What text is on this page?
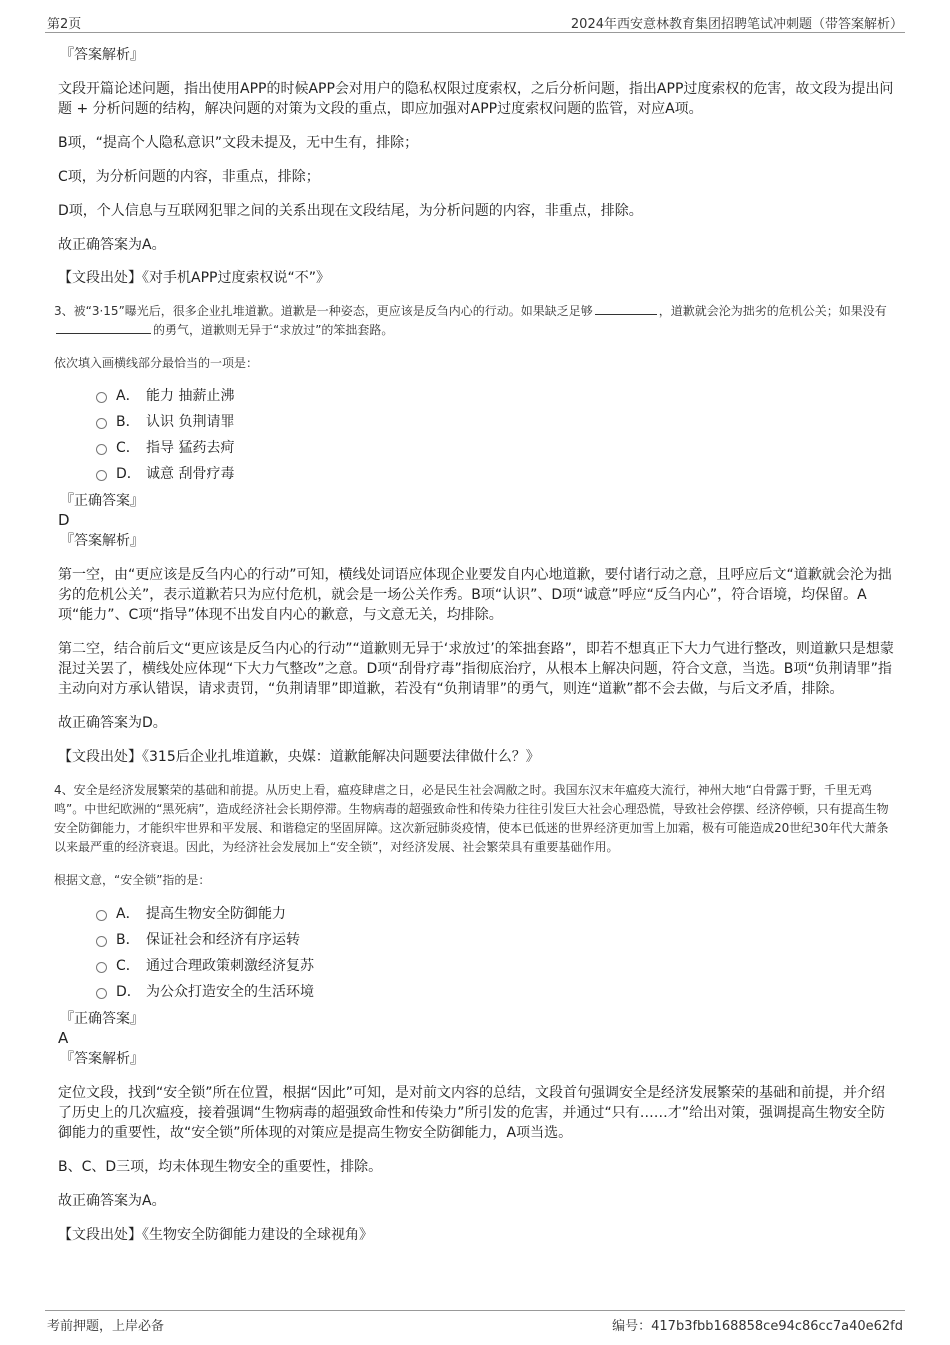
第2页	2024年西安意林教育集团招聘笔试冲刺题（带答案解析）
『答案解析』

文段开篇论述问题，指出使用APP的时候APP会对用户的隐私权限过度索权，之后分析问题，指出APP过度索权的危害，故文段为提出问题 + 分析问题的结构，解决问题的对策为文段的重点，即应加强对APP过度索权问题的监管，对应A项。

B项，“提高个人隐私意识”文段未提及，无中生有，排除；

C项，为分析问题的内容，非重点，排除；

D项，个人信息与互联网犯罪之间的关系出现在文段结尾，为分析问题的内容，非重点，排除。

故正确答案为A。

【文段出处】《对手机APP过度索权说“不”》

3、被“3·15”曝光后，很多企业扎堆道歉。道歉是一种姿态，更应该是反刍内心的行动。如果缺乏足够	，道歉就会沦为拙劣的危机公关；如果没有的勇气，道歉则无异于“求放过”的笨拙套路。

依次填入画横线部分最恰当的一项是：

A． 能力 抽薪止沸
B． 认识 负荆请罪
C． 指导 猛药去疴
D． 诚意 刮骨疗毒
『正确答案』
D
『答案解析』

第一空，由“更应该是反刍内心的行动”可知，横线处词语应体现企业要发自内心地道歉，要付诸行动之意，且呼应后文“道歉就会沦为拙劣的危机公关”，表示道歉若只为应付危机，就会是一场公关作秀。B项“认识”、D项“诚意”呼应“反刍内心”，符合语境，均保留。A项“能力”、C项“指导”体现不出发自内心的歉意，与文意无关，均排除。

第二空，结合前后文“更应该是反刍内心的行动”“道歉则无异于‘求放过’的笨拙套路”，即若不想真正下大力气进行整改，则道歉只是想蒙混过关罢了，横线处应体现“下大力气整改”之意。D项“刮骨疗毒”指彻底治疗，从根本上解决问题，符合文意，当选。B项“负荆请罪”指主动向对方承认错误，请求责罚，“负荆请罪”即道歉，若没有“负荆请罪”的勇气，则连“道歉”都不会去做，与后文矛盾，排除。

故正确答案为D。

【文段出处】《315后企业扎堆道歉，央媒：道歉能解决问题要法律做什么？》

4、安全是经济发展繁荣的基础和前提。从历史上看，瘟疫肆虐之日，必是民生社会凋敝之时。我国东汉末年瘟疫大流行，神州大地“白骨露于野，千里无鸡鸣”。中世纪欧洲的“黑死病”，造成经济社会长期停滞。生物病毒的超强致命性和传染力往往引发巨大社会心理恐慌，导致社会停摆、经济停顿，只有提高生物安全防御能力，才能织牢世界和平发展、和谐稳定的坚固屏障。这次新冠肺炎疫情，使本已低迷的世界经济更加雪上加霜，极有可能造成20世纪30年代大萧条以来最严重的经济衰退。因此，为经济社会发展加上“安全锁”，对经济发展、社会繁荣具有重要基础作用。

根据文意，“安全锁”指的是：

A． 提高生物安全防御能力
B． 保证社会和经济有序运转
C． 通过合理政策刺激经济复苏
D． 为公众打造安全的生活环境
『正确答案』
A
『答案解析』

定位文段，找到“安全锁”所在位置，根据“因此”可知，是对前文内容的总结，文段首句强调安全是经济发展繁荣的基础和前提，并介绍了历史上的几次瘟疫，接着强调“生物病毒的超强致命性和传染力”所引发的危害，并通过“只有……才”给出对策，强调提高生物安全防御能力的重要性，故“安全锁”所体现的对策应是提高生物安全防御能力，A项当选。

B、C、D三项，均未体现生物安全的重要性，排除。

故正确答案为A。

【文段出处】《生物安全防御能力建设的全球视角》

考前押题，上岸必备	编号：417b3fbb168858ce94c86cc7a40e62fd
